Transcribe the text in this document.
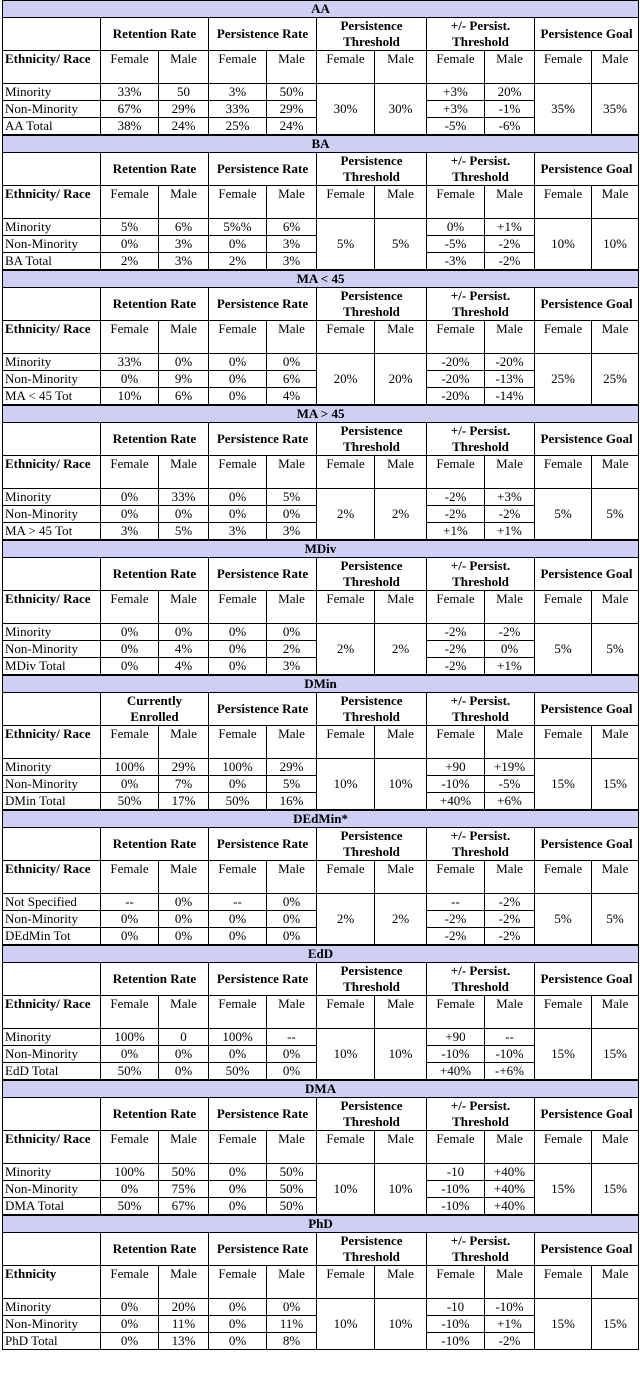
AA										
	Retention Rate		Persistence Rate		Persistence Threshold		+/- Persist. Threshold		Persistence Goal	
Ethnicity/ Race	Female	Male	Female	Male	Female	Male	Female	Male	Female	Male
Minority	33%	50	3%	50%	30%	30%	+3%	20%	35%	35%
Non-Minority	67%	29%	33%	29%			+3%	-1%		
AA Total	38%	24%	25%	24%			-5%	-6%		
BA										
	Retention Rate		Persistence Rate		Persistence Threshold		+/- Persist. Threshold		Persistence Goal	
Ethnicity/ Race	Female	Male	Female	Male	Female	Male	Female	Male	Female	Male
Minority	5%	6%	5%%	6%	5%	5%	0%	+1%	10%	10%
Non-Minority	0%	3%	0%	3%			-5%	-2%		
BA Total	2%	3%	2%	3%			-3%	-2%		
MA < 45										
	Retention Rate		Persistence Rate		Persistence Threshold		+/- Persist. Threshold		Persistence Goal	
Ethnicity/ Race	Female	Male	Female	Male	Female	Male	Female	Male	Female	Male
Minority	33%	0%	0%	0%	20%	20%	-20%	-20%	25%	25%
Non-Minority	0%	9%	0%	6%			-20%	-13%		
MA < 45 Tot	10%	6%	0%	4%			-20%	-14%		
MA > 45										
	Retention Rate		Persistence Rate		Persistence Threshold		+/- Persist. Threshold		Persistence Goal	
Ethnicity/ Race	Female	Male	Female	Male	Female	Male	Female	Male	Female	Male
Minority	0%	33%	0%	5%	2%	2%	-2%	+3%	5%	5%
Non-Minority	0%	0%	0%	0%			-2%	-2%		
MA > 45 Tot	3%	5%	3%	3%			+1%	+1%		
MDiv										
	Retention Rate		Persistence Rate		Persistence Threshold		+/- Persist. Threshold		Persistence Goal	
Ethnicity/ Race	Female	Male	Female	Male	Female	Male	Female	Male	Female	Male
Minority	0%	0%	0%	0%	2%	2%	-2%	-2%	5%	5%
Non-Minority	0%	4%	0%	2%			-2%	0%		
MDiv Total	0%	4%	0%	3%			-2%	+1%		
DMin										
	Currently Enrolled		Persistence Rate		Persistence Threshold		+/- Persist. Threshold		Persistence Goal	
Ethnicity/ Race	Female	Male	Female	Male	Female	Male	Female	Male	Female	Male
Minority	100%	29%	100%	29%	10%	10%	+90	+19%	15%	15%
Non-Minority	0%	7%	0%	5%			-10%	-5%		
DMin Total	50%	17%	50%	16%			+40%	+6%		
DEdMin*										
	Retention Rate		Persistence Rate		Persistence Threshold		+/- Persist. Threshold		Persistence Goal	
Ethnicity/ Race	Female	Male	Female	Male	Female	Male	Female	Male	Female	Male
Not Specified	--	0%	--	0%	2%	2%	--	-2%	5%	5%
Non-Minority	0%	0%	0%	0%			-2%	-2%		
DEdMin Tot	0%	0%	0%	0%			-2%	-2%		
EdD										
	Retention Rate		Persistence Rate		Persistence Threshold		+/- Persist. Threshold		Persistence Goal	
Ethnicity/ Race	Female	Male	Female	Male	Female	Male	Female	Male	Female	Male
Minority	100%	0	100%	--	10%	10%	+90	--	15%	15%
Non-Minority	0%	0%	0%	0%			-10%	-10%		
EdD Total	50%	0%	50%	0%			+40%	-+6%		
DMA										
	Retention Rate		Persistence Rate		Persistence Threshold		+/- Persist. Threshold		Persistence Goal	
Ethnicity/ Race	Female	Male	Female	Male	Female	Male	Female	Male	Female	Male
Minority	100%	50%	0%	50%	10%	10%	-10	+40%	15%	15%
Non-Minority	0%	75%	0%	50%			-10%	+40%		
DMA Total	50%	67%	0%	50%			-10%	+40%		
PhD										
	Retention Rate		Persistence Rate		Persistence Threshold		+/- Persist. Threshold		Persistence Goal	
Ethnicity	Female	Male	Female	Male	Female	Male	Female	Male	Female	Male
Minority	0%	20%	0%	0%	10%	10%	-10	-10%	15%	15%
Non-Minority	0%	11%	0%	11%			-10%	+1%		
PhD Total	0%	13%	0%	8%			-10%	-2%		
